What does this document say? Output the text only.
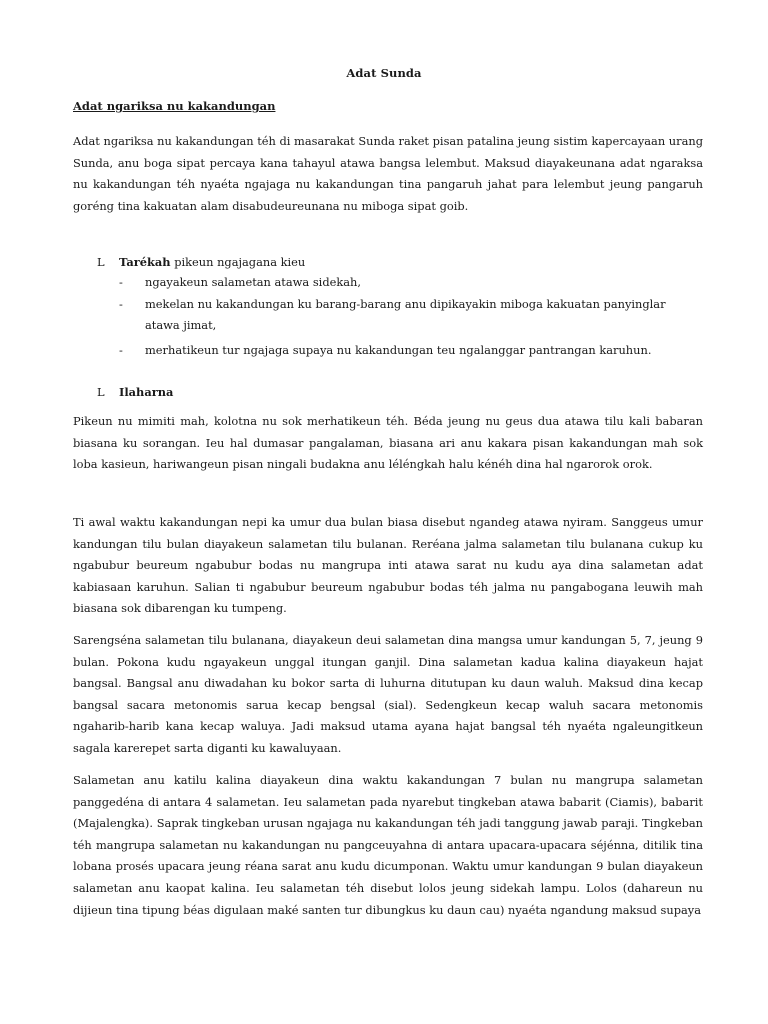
Adat Sunda
Adat ngariksa nu kakandungan

Adat ngariksa nu kakandungan téh di masarakat Sunda raket pisan patalina jeung sistim kapercayaan urang Sunda, anu boga sipat percaya kana tahayul atawa bangsa lelembut. Maksud diayakeunana adat ngaraksa nu kakandungan téh nyaéta ngajaga nu kakandungan tina pangaruh jahat para lelembut jeung pangaruh goréng tina kakuatan alam disabudeureunana nu miboga sipat goib.

L Tarékah pikeun ngajagana kieu
- ngayakeun salametan atawa sidekah,
- mekelan nu kakandungan ku barang-barang anu dipikayakin miboga kakuatan panyinglar atawa jimat,
- merhatikeun tur ngajaga supaya nu kakandungan teu ngalanggar pantrangan karuhun.
L Ilaharna

Pikeun nu mimiti mah, kolotna nu sok merhatikeun téh. Béda jeung nu geus dua atawa tilu kali babaran biasana ku sorangan. Ieu hal dumasar pangalaman, biasana ari anu kakara pisan kakandungan mah sok loba kasieun, hariwangeun pisan ningali budakna anu léléngkah halu kénéh dina hal ngarorok orok.

Ti awal waktu kakandungan nepi ka umur dua bulan biasa disebut ngandeg atawa nyiram. Sanggeus umur kandungan tilu bulan diayakeun salametan tilu bulanan. Reréana jalma salametan tilu bulanana cukup ku ngabubur beureum ngabubur bodas nu mangrupa inti atawa sarat nu kudu aya dina salametan adat kabiasaan karuhun. Salian ti ngabubur beureum ngabubur bodas téh jalma nu pangabogana leuwih mah biasana sok dibarengan ku tumpeng.

Sarengséna salametan tilu bulanana, diayakeun deui salametan dina mangsa umur kandungan 5, 7, jeung 9 bulan. Pokona kudu ngayakeun unggal itungan ganjil. Dina salametan kadua kalina diayakeun hajat bangsal. Bangsal anu diwadahan ku bokor sarta di luhurna ditutupan ku daun waluh. Maksud dina kecap bangsal sacara metonomis sarua kecap bengsal (sial). Sedengkeun kecap waluh sacara metonomis ngaharib-harib kana kecap waluya. Jadi maksud utama ayana hajat bangsal téh nyaéta ngaleungitkeun sagala karerepet sarta diganti ku kawaluyaan.

Salametan anu katilu kalina diayakeun dina waktu kakandungan 7 bulan nu mangrupa salametan panggedéna di antara 4 salametan. Ieu salametan pada nyarebut tingkeban atawa babarit (Ciamis), babarit (Majalengka). Saprak tingkeban urusan ngajaga nu kakandungan téh jadi tanggung jawab paraji. Tingkeban téh mangrupa salametan nu kakandungan nu pangceuyahna di antara upacara-upacara séjénna, ditilik tina lobana prosés upacara jeung réana sarat anu kudu dicumponan. Waktu umur kandungan 9 bulan diayakeun salametan anu kaopat kalina. Ieu salametan téh disebut lolos jeung sidekah lampu. Lolos (dahareun nu dijieun tina tipung béas digulaan maké santen tur dibungkus ku daun cau) nyaéta ngandung maksud supaya
